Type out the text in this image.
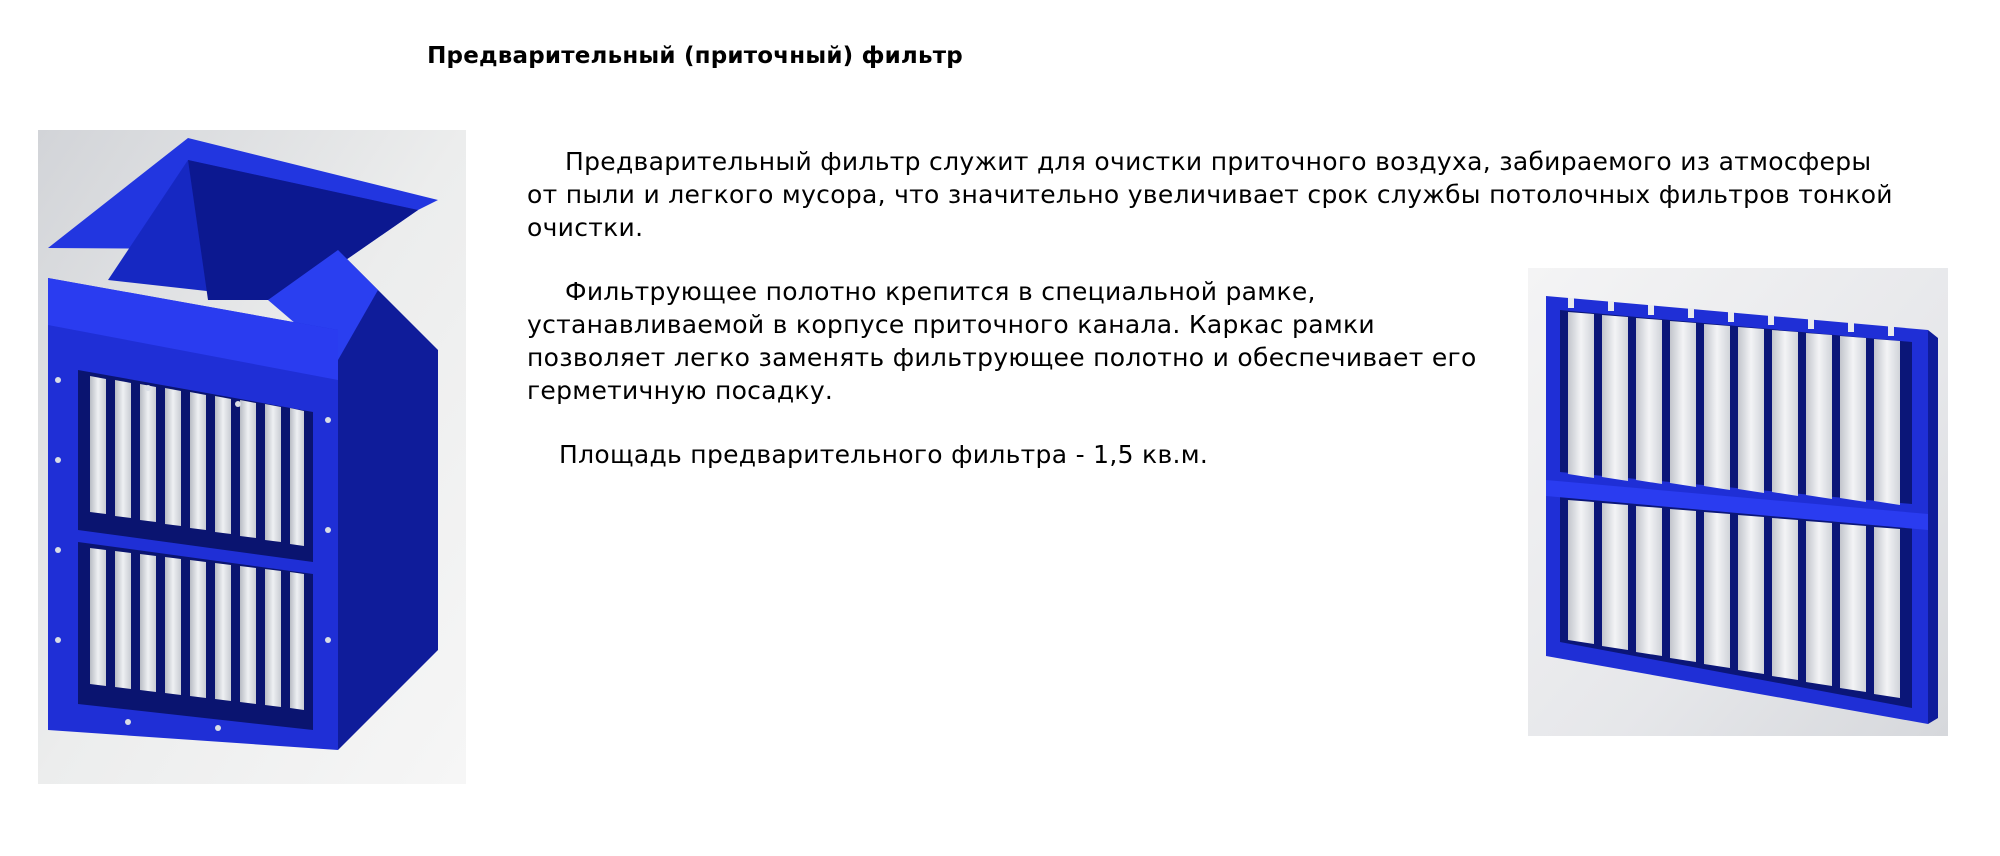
Предварительный (приточный) фильтр

Предварительный фильтр служит для очистки приточного воздуха, забираемого из атмосферы от пыли и легкого мусора, что значительно увеличивает срок службы потолочных фильтров тонкой очистки.

Фильтрующее полотно крепится в специальной рамке, устанавливаемой в корпусе приточного канала. Каркас рамки позволяет легко заменять фильтрующее полотно и обеспечивает его герметичную посадку.

Площадь предварительного фильтра - 1,5 кв.м.
